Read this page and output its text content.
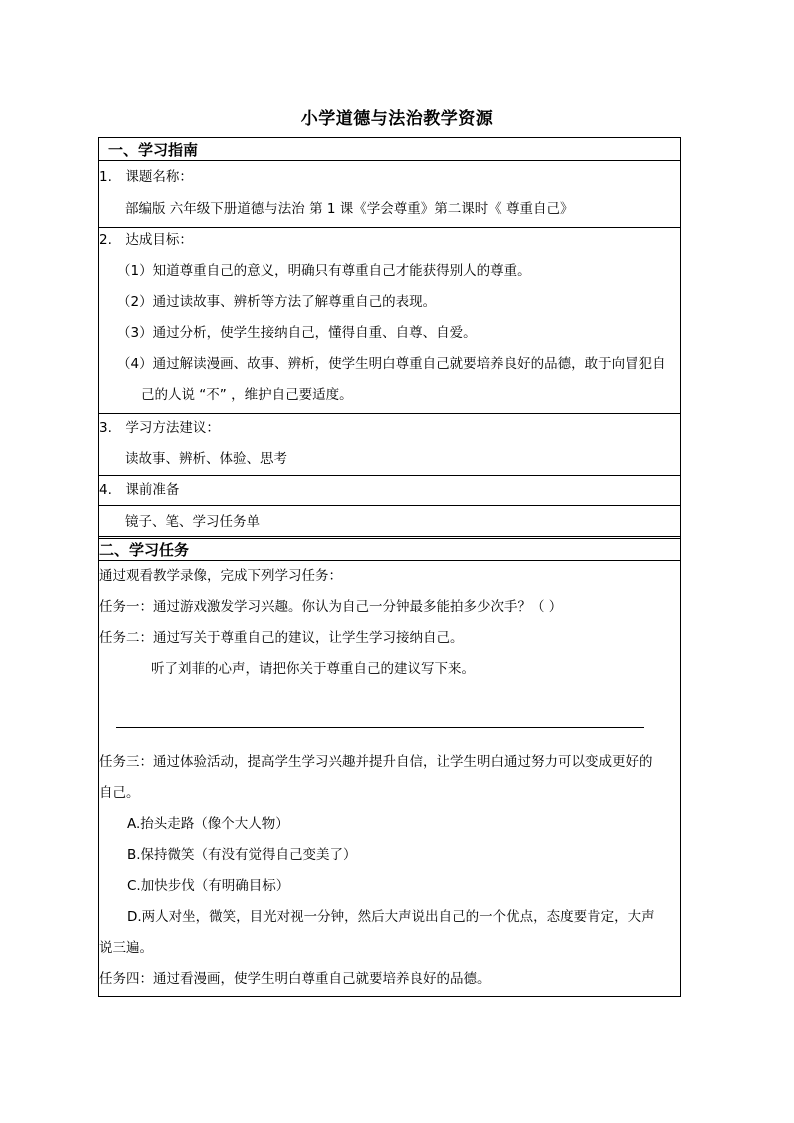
小学道德与法治教学资源
一、学习指南
1.　课题名称：
部编版 六年级下册道德与法治 第 1 课《学会尊重》第二课时《 尊重自己》
2.　达成目标：
（1）知道尊重自己的意义，明确只有尊重自己才能获得别人的尊重。
（2）通过读故事、辨析等方法了解尊重自己的表现。
（3）通过分析，使学生接纳自己，懂得自重、自尊、自爱。
（4）通过解读漫画、故事、辨析，使学生明白尊重自己就要培养良好的品德，敢于向冒犯自
己的人说 “不” ，维护自己要适度。
3.　学习方法建议：
读故事、辨析、体验、思考
4.　课前准备
镜子、笔、学习任务单
二、学习任务
通过观看教学录像，完成下列学习任务：
任务一：通过游戏激发学习兴趣。你认为自己一分钟最多能拍多少次手？（ ）
任务二：通过写关于尊重自己的建议，让学生学习接纳自己。
听了刘菲的心声，请把你关于尊重自己的建议写下来。
任务三：通过体验活动，提高学生学习兴趣并提升自信，让学生明白通过努力可以变成更好的
自己。
A.抬头走路（像个大人物）
B.保持微笑（有没有觉得自己变美了）
C.加快步伐（有明确目标）
D.两人对坐，微笑，目光对视一分钟，然后大声说出自己的一个优点，态度要肯定，大声
说三遍。
任务四：通过看漫画，使学生明白尊重自己就要培养良好的品德。
